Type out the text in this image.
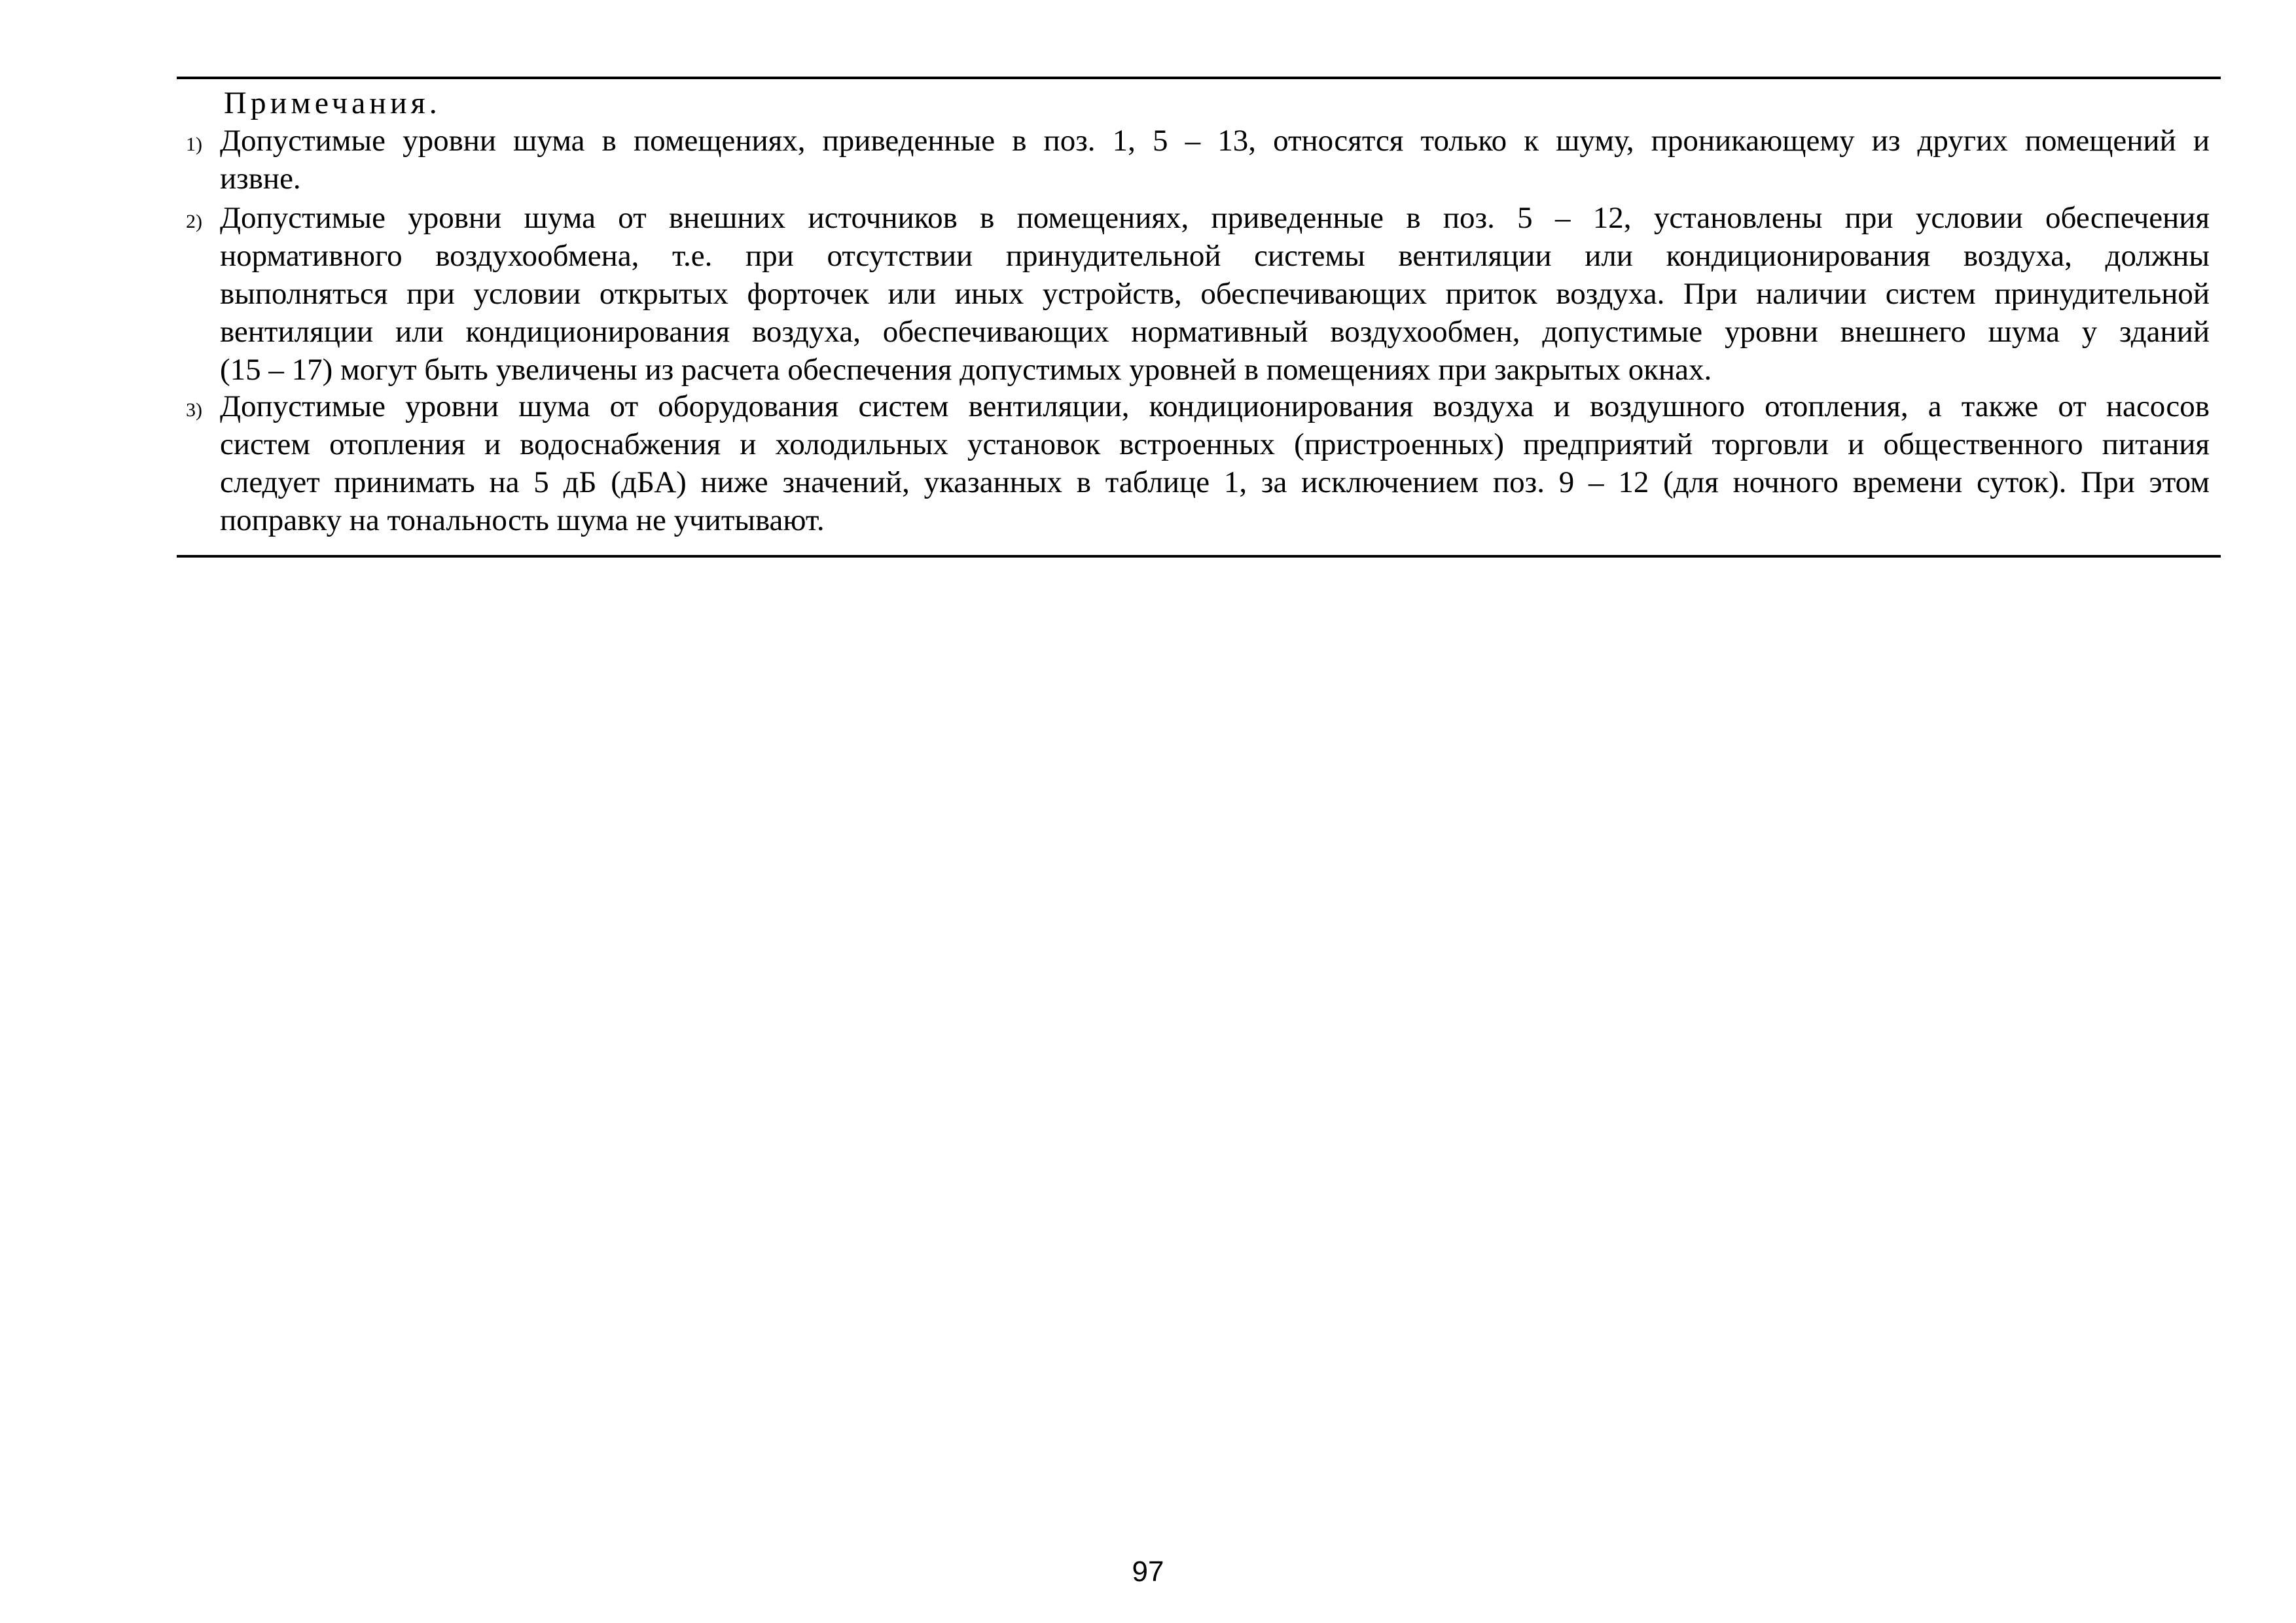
Примечания.
1) Допустимые уровни шума в помещениях, приведенные в поз. 1, 5 – 13, относятся только к шуму, проникающему из других помещений и
извне.
2) Допустимые уровни шума от внешних источников в помещениях, приведенные в поз. 5 – 12, установлены при условии обеспечения
нормативного воздухообмена, т.е. при отсутствии принудительной системы вентиляции или кондиционирования воздуха, должны
выполняться при условии открытых форточек или иных устройств, обеспечивающих приток воздуха. При наличии систем принудительной
вентиляции или кондиционирования воздуха, обеспечивающих нормативный воздухообмен, допустимые уровни внешнего шума у зданий
(15 – 17) могут быть увеличены из расчета обеспечения допустимых уровней в помещениях при закрытых окнах.
3) Допустимые уровни шума от оборудования систем вентиляции, кондиционирования воздуха и воздушного отопления, а также от насосов
систем отопления и водоснабжения и холодильных установок встроенных (пристроенных) предприятий торговли и общественного питания
следует принимать на 5 дБ (дБА) ниже значений, указанных в таблице 1, за исключением поз. 9 – 12 (для ночного времени суток). При этом
поправку на тональность шума не учитывают.
97
